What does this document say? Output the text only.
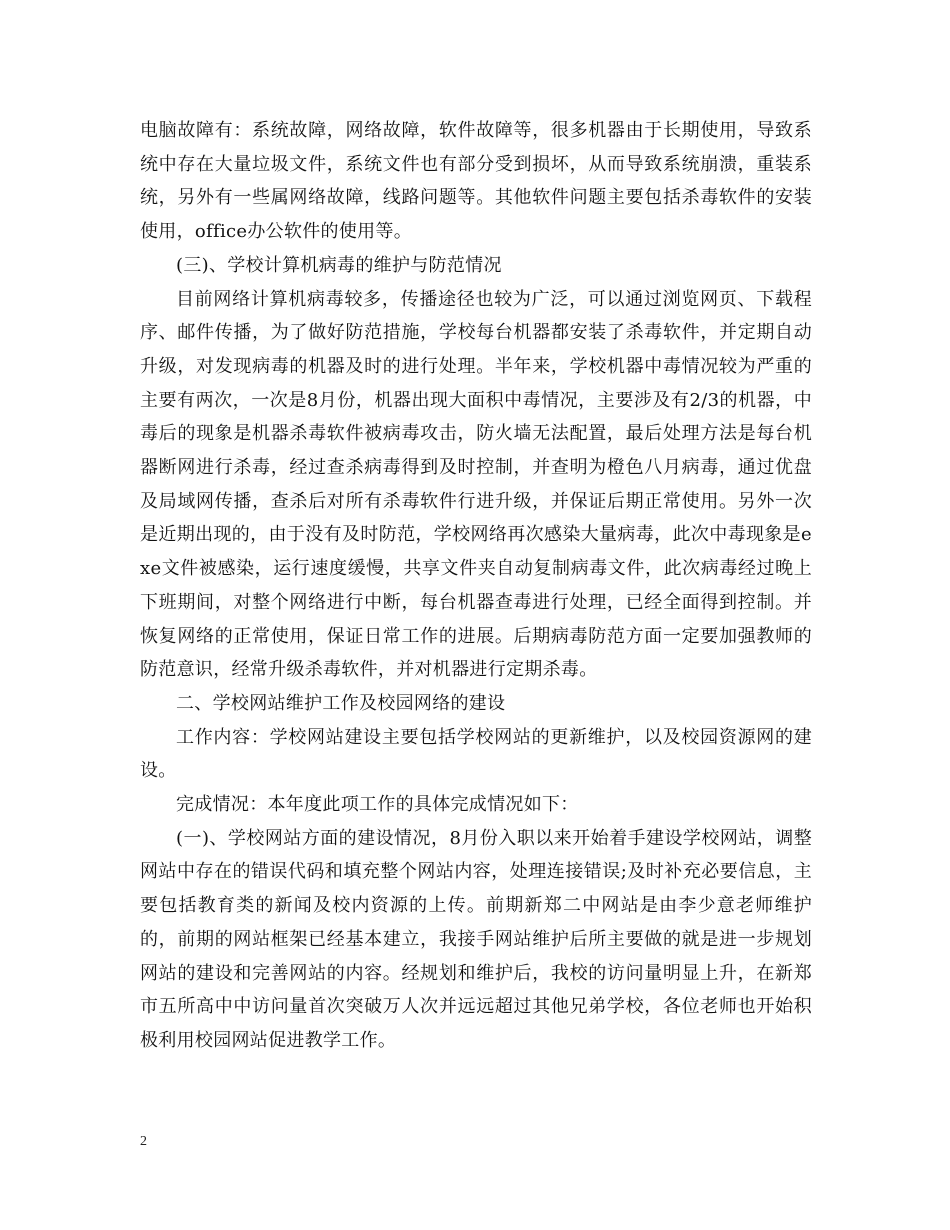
电脑故障有：系统故障，网络故障，软件故障等，很多机器由于长期使用，导致系统中存在大量垃圾文件，系统文件也有部分受到损坏，从而导致系统崩溃，重装系统，另外有一些属网络故障，线路问题等。其他软件问题主要包括杀毒软件的安装使用，office办公软件的使用等。

(三)、学校计算机病毒的维护与防范情况

目前网络计算机病毒较多，传播途径也较为广泛，可以通过浏览网页、下载程序、邮件传播，为了做好防范措施，学校每台机器都安装了杀毒软件，并定期自动升级，对发现病毒的机器及时的进行处理。半年来，学校机器中毒情况较为严重的主要有两次，一次是8月份，机器出现大面积中毒情况，主要涉及有2/3的机器，中毒后的现象是机器杀毒软件被病毒攻击，防火墙无法配置，最后处理方法是每台机器断网进行杀毒，经过查杀病毒得到及时控制，并查明为橙色八月病毒，通过优盘及局域网传播，查杀后对所有杀毒软件行进升级，并保证后期正常使用。另外一次是近期出现的，由于没有及时防范，学校网络再次感染大量病毒，此次中毒现象是exe文件被感染，运行速度缓慢，共享文件夹自动复制病毒文件，此次病毒经过晚上下班期间，对整个网络进行中断，每台机器查毒进行处理，已经全面得到控制。并恢复网络的正常使用，保证日常工作的进展。后期病毒防范方面一定要加强教师的防范意识，经常升级杀毒软件，并对机器进行定期杀毒。

二、学校网站维护工作及校园网络的建设

工作内容：学校网站建设主要包括学校网站的更新维护，以及校园资源网的建设。

完成情况：本年度此项工作的具体完成情况如下：

(一)、学校网站方面的建设情况，8月份入职以来开始着手建设学校网站，调整网站中存在的错误代码和填充整个网站内容，处理连接错误;及时补充必要信息，主要包括教育类的新闻及校内资源的上传。前期新郑二中网站是由李少意老师维护的，前期的网站框架已经基本建立，我接手网站维护后所主要做的就是进一步规划网站的建设和完善网站的内容。经规划和维护后，我校的访问量明显上升，在新郑市五所高中中访问量首次突破万人次并远远超过其他兄弟学校，各位老师也开始积极利用校园网站促进教学工作。

2
